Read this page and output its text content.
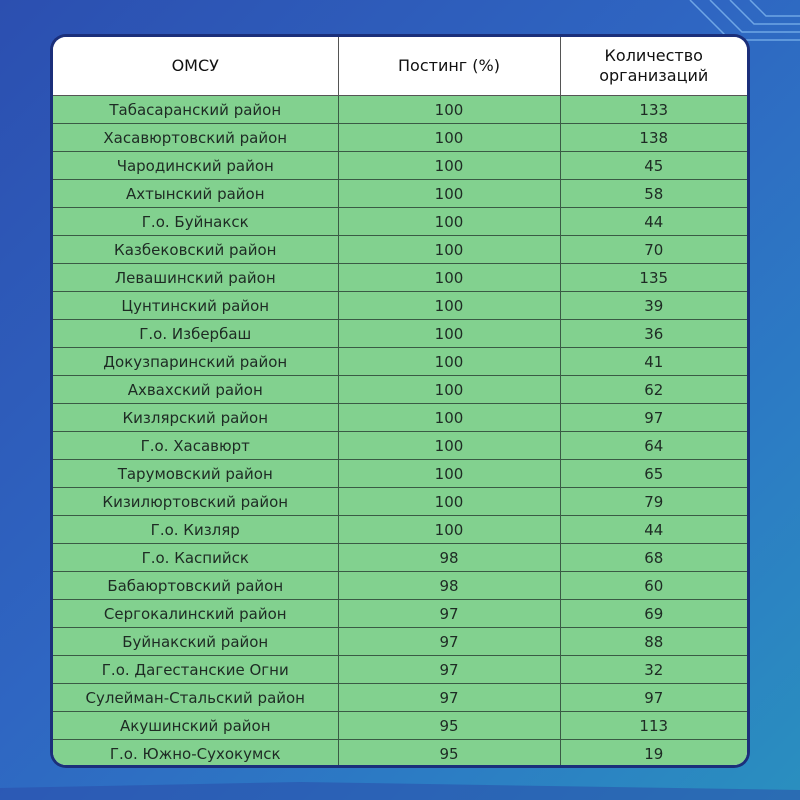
ОМСУ	Постинг (%)	Количество организаций
Табасаранский район	100	133
Хасавюртовский район	100	138
Чародинский район	100	45
Ахтынский район	100	58
Г.о. Буйнакск	100	44
Казбековский район	100	70
Левашинский район	100	135
Цунтинский район	100	39
Г.о. Избербаш	100	36
Докузпаринский район	100	41
Ахвахский район	100	62
Кизлярский район	100	97
Г.о. Хасавюрт	100	64
Тарумовский район	100	65
Кизилюртовский район	100	79
Г.о. Кизляр	100	44
Г.о. Каспийск	98	68
Бабаюртовский район	98	60
Сергокалинский район	97	69
Буйнакский район	97	88
Г.о. Дагестанские Огни	97	32
Сулейман-Стальский район	97	97
Акушинский район	95	113
Г.о. Южно-Сухокумск	95	19
